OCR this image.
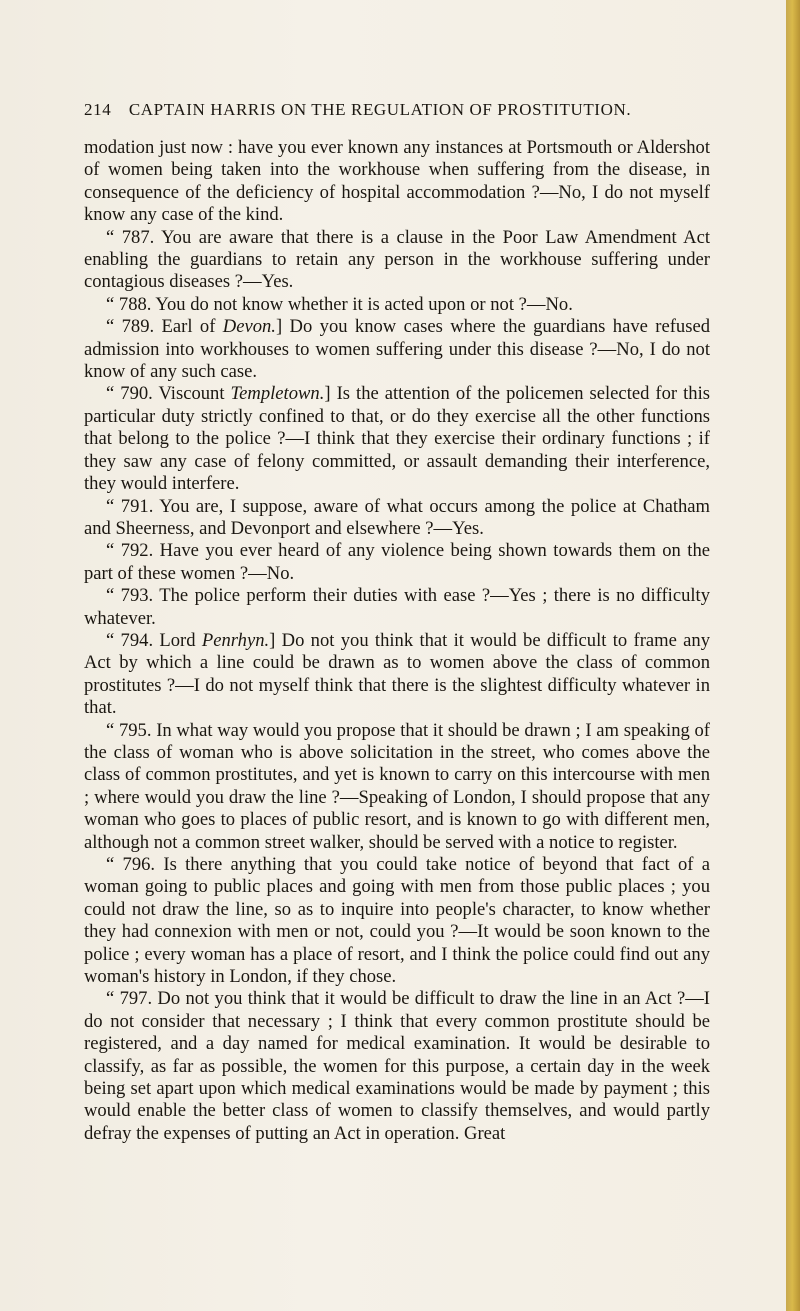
214 CAPTAIN HARRIS ON THE REGULATION OF PROSTITUTION.

modation just now : have you ever known any instances at Portsmouth or Aldershot of women being taken into the workhouse when suffering from the disease, in consequence of the deficiency of hospital accommodation ?—No, I do not myself know any case of the kind.

“ 787. You are aware that there is a clause in the Poor Law Amendment Act enabling the guardians to retain any person in the workhouse suffering under contagious diseases ?—Yes.

“ 788. You do not know whether it is acted upon or not ?—No.

“ 789. Earl of Devon.] Do you know cases where the guardians have refused admission into workhouses to women suffering under this disease ?—No, I do not know of any such case.

“ 790. Viscount Templetown.] Is the attention of the policemen selected for this particular duty strictly confined to that, or do they exercise all the other functions that belong to the police ?—I think that they exercise their ordinary functions ; if they saw any case of felony committed, or assault demanding their interference, they would interfere.

“ 791. You are, I suppose, aware of what occurs among the police at Chatham and Sheerness, and Devonport and elsewhere ?—Yes.

“ 792. Have you ever heard of any violence being shown towards them on the part of these women ?—No.

“ 793. The police perform their duties with ease ?—Yes ; there is no difficulty whatever.

“ 794. Lord Penrhyn.] Do not you think that it would be difficult to frame any Act by which a line could be drawn as to women above the class of common prostitutes ?—I do not myself think that there is the slightest difficulty whatever in that.

“ 795. In what way would you propose that it should be drawn ; I am speaking of the class of woman who is above solicitation in the street, who comes above the class of common prostitutes, and yet is known to carry on this intercourse with men ; where would you draw the line ?—Speaking of London, I should propose that any woman who goes to places of public resort, and is known to go with different men, although not a common street walker, should be served with a notice to register.

“ 796. Is there anything that you could take notice of beyond that fact of a woman going to public places and going with men from those public places ; you could not draw the line, so as to inquire into people's character, to know whether they had connexion with men or not, could you ?—It would be soon known to the police ; every woman has a place of resort, and I think the police could find out any woman's history in London, if they chose.

“ 797. Do not you think that it would be difficult to draw the line in an Act ?—I do not consider that necessary ; I think that every common prostitute should be registered, and a day named for medical examination. It would be desirable to classify, as far as possible, the women for this purpose, a certain day in the week being set apart upon which medical examinations would be made by payment ; this would enable the better class of women to classify themselves, and would partly defray the expenses of putting an Act in operation. Great
